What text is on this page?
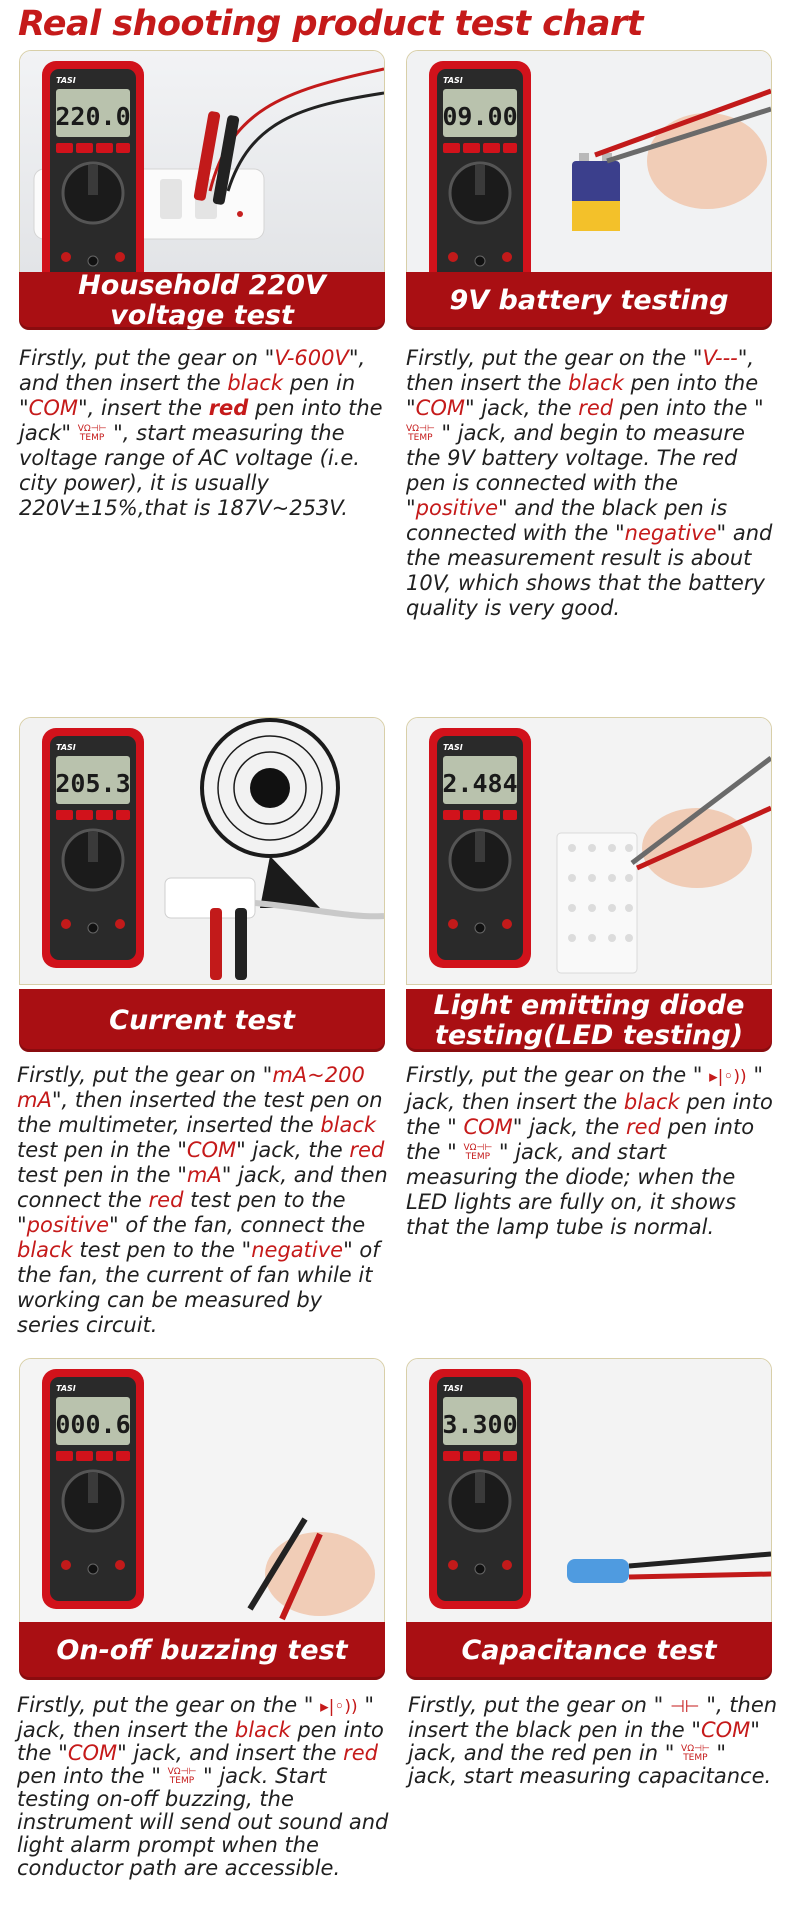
Real shooting product test chart
TASI
220.0
Household 220V
voltage test

Firstly, put the gear on "V-600V", and then insert the black pen in "COM", insert the red pen into the jack" VΩ⊣⊢
TEMP ", start measuring the voltage range of AC voltage (i.e. city power), it is usually 220V±15%,that is 187V~253V.

TASI
09.00
9V battery testing

Firstly, put the gear on the "V---", then insert the black pen into the "COM" jack, the red pen into the "
VΩ⊣⊢
TEMP " jack, and begin to measure the 9V battery voltage. The red pen is connected with the "positive" and the black pen is connected with the "negative" and the measurement result is about 10V, which shows that the battery quality is very good.

TASI
205.3
Current test

Firstly, put the gear on "mA~200 mA", then inserted the test pen on the multimeter, inserted the black test pen in the "COM" jack, the red test pen in the "mA" jack, and then connect the red test pen to the "positive" of the fan, connect the black test pen to the "negative" of the fan, the current of fan while it working can be measured by series circuit.

TASI
2.484
Light emitting diode
testing(LED testing)

Firstly, put the gear on the " ▸|◦)) " jack, then insert the black pen into the " COM" jack, the red pen into the " VΩ⊣⊢
TEMP " jack, and start measuring the diode; when the LED lights are fully on, it shows that the lamp tube is normal.

TASI
000.6
On-off buzzing test

Firstly, put the gear on the " ▸|◦)) " jack, then insert the black pen into the "COM" jack, and insert the red pen into the " VΩ⊣⊢
TEMP " jack. Start testing on-off buzzing, the instrument will send out sound and light alarm prompt when the conductor path are accessible.

TASI
3.300
Capacitance test

Firstly, put the gear on " ⊣⊢ ", then insert the black pen in the "COM" jack, and the red pen in " VΩ⊣⊢
TEMP " jack, start measuring capacitance.
